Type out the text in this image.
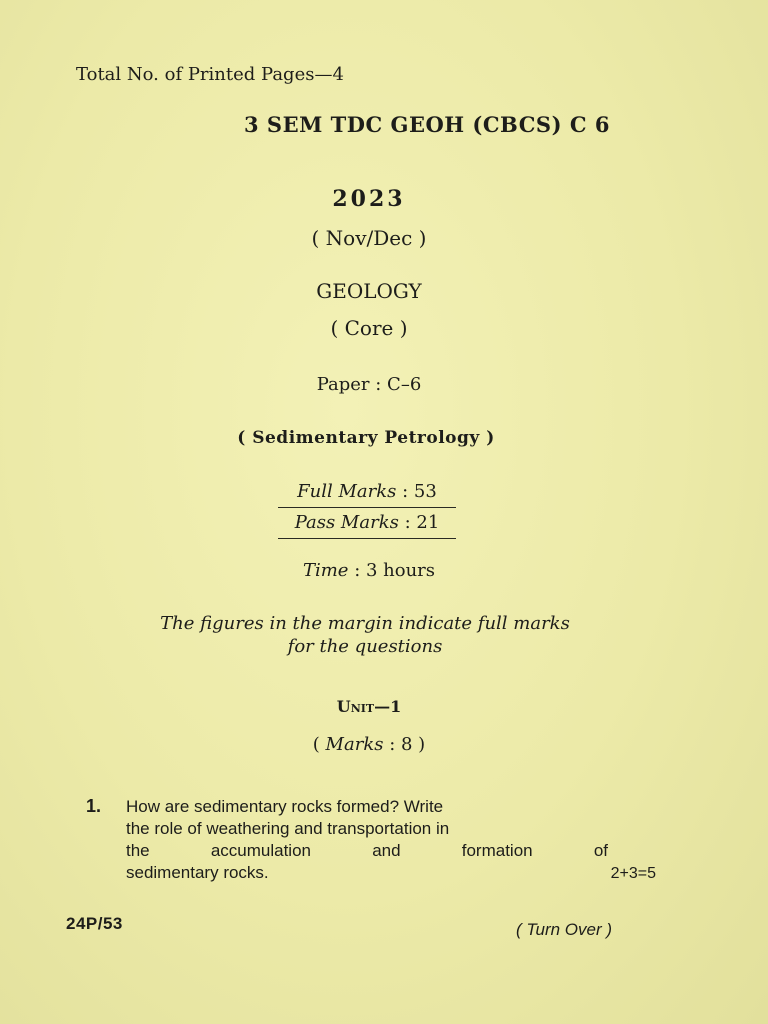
Total No. of Printed Pages—4
3 SEM TDC GEOH (CBCS) C 6
2023
( Nov/Dec )
GEOLOGY
( Core )
Paper : C–6
( Sedimentary Petrology )
Full Marks : 53
Pass Marks : 21
Time : 3 hours
The figures in the margin indicate full marks
for the questions
Unit—1
( Marks : 8 )
1. How are sedimentary rocks formed? Write
the role of weathering and transportation in
the	accumulation	and	formation	of
sedimentary rocks.	2+3=5
24P/53	( Turn Over )
